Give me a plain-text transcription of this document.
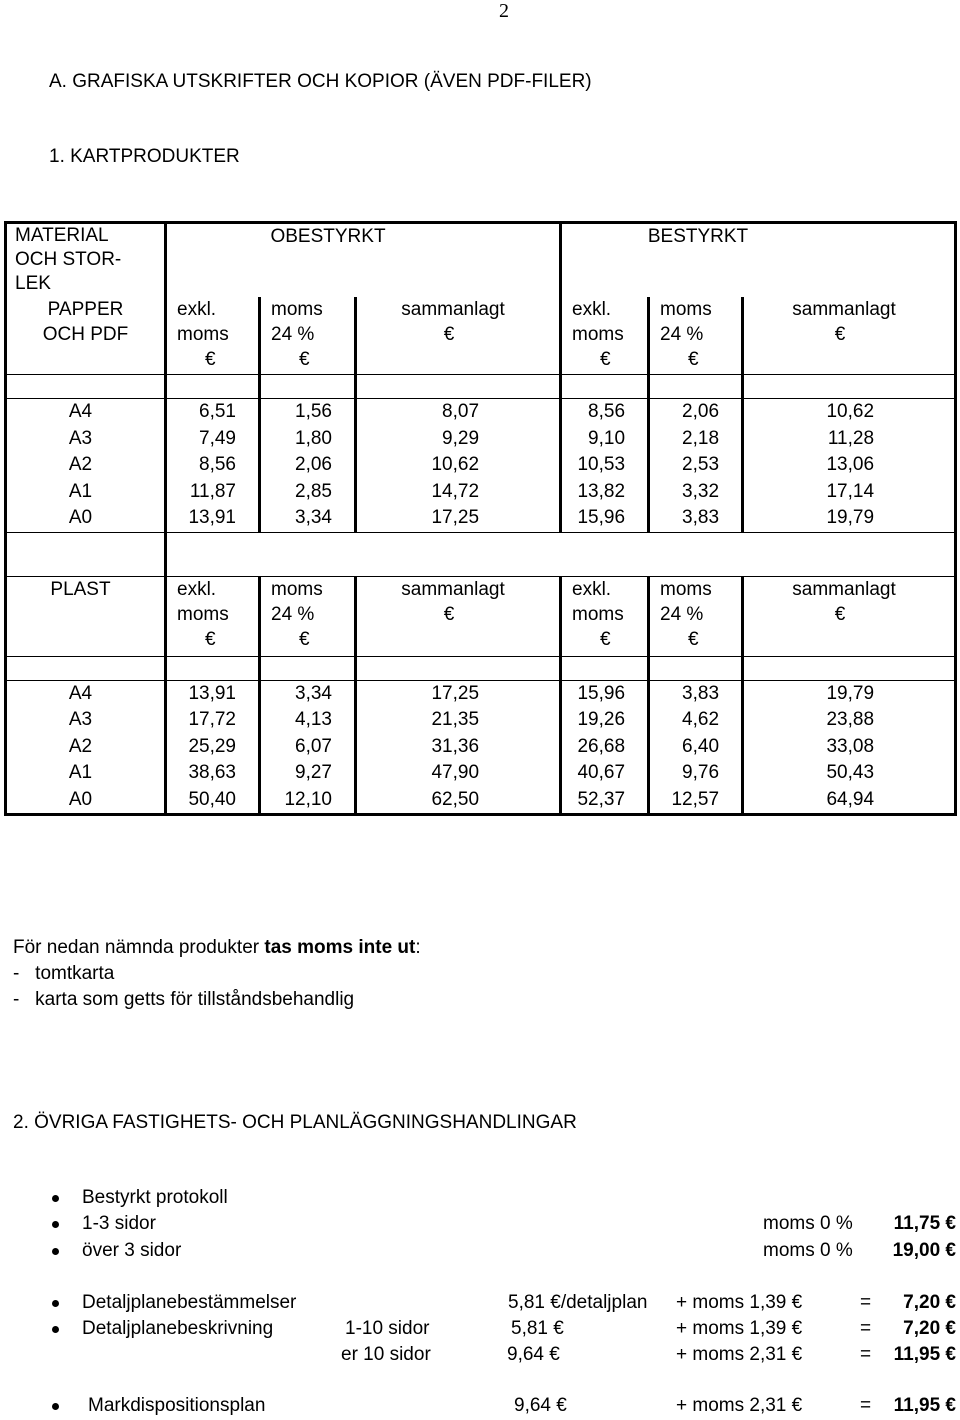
2
A. GRAFISKA UTSKRIFTER OCH KOPIOR (ÄVEN PDF-FILER)
1. KARTPRODUKTER
MATERIAL
OCH STOR-
LEK	OBESTYRKT			BESTYRKT		

PAPPER
OCH PDF	exkl.
moms
€	moms
24 %
€	sammanlagt
€	exkl.
moms
€	moms
24 %
€	sammanlagt
€

A4	6,51	1,56	8,07	8,56	2,06	10,62
A3	7,49	1,80	9,29	9,10	2,18	11,28
A2	8,56	2,06	10,62	10,53	2,53	13,06
A1	11,87	2,85	14,72	13,82	3,32	17,14
A0	13,91	3,34	17,25	15,96	3,83	19,79

PLAST	exkl.
moms
€	moms
24 %
€	sammanlagt
€	exkl.
moms
€	moms
24 %
€	sammanlagt
€

A4	13,91	3,34	17,25	15,96	3,83	19,79
A3	17,72	4,13	21,35	19,26	4,62	23,88
A2	25,29	6,07	31,36	26,68	6,40	33,08
A1	38,63	9,27	47,90	40,67	9,76	50,43
A0	50,40	12,10	62,50	52,37	12,57	64,94
För nedan nämnda produkter tas moms inte ut:
-   tomtkarta
-   karta som getts för tillståndsbehandlig
2. ÖVRIGA FASTIGHETS- OCH PLANLÄGGNINGSHANDLINGAR
Bestyrkt protokoll
1-3 sidor	moms 0 % 11,75 €
över 3 sidor	moms 0 % 19,00 €
Detaljplanebestämmelser	5,81 €/detaljplan + moms 1,39 €	= 7,20 €
Detaljplanebeskrivning	1-10 sidor	5,81 €	+ moms 1,39 €	= 7,20 €
er 10 sidor	9,64 €	+ moms 2,31 €	= 11,95 €
Markdispositionsplan	9,64 €	+ moms 2,31 €	= 11,95 €
